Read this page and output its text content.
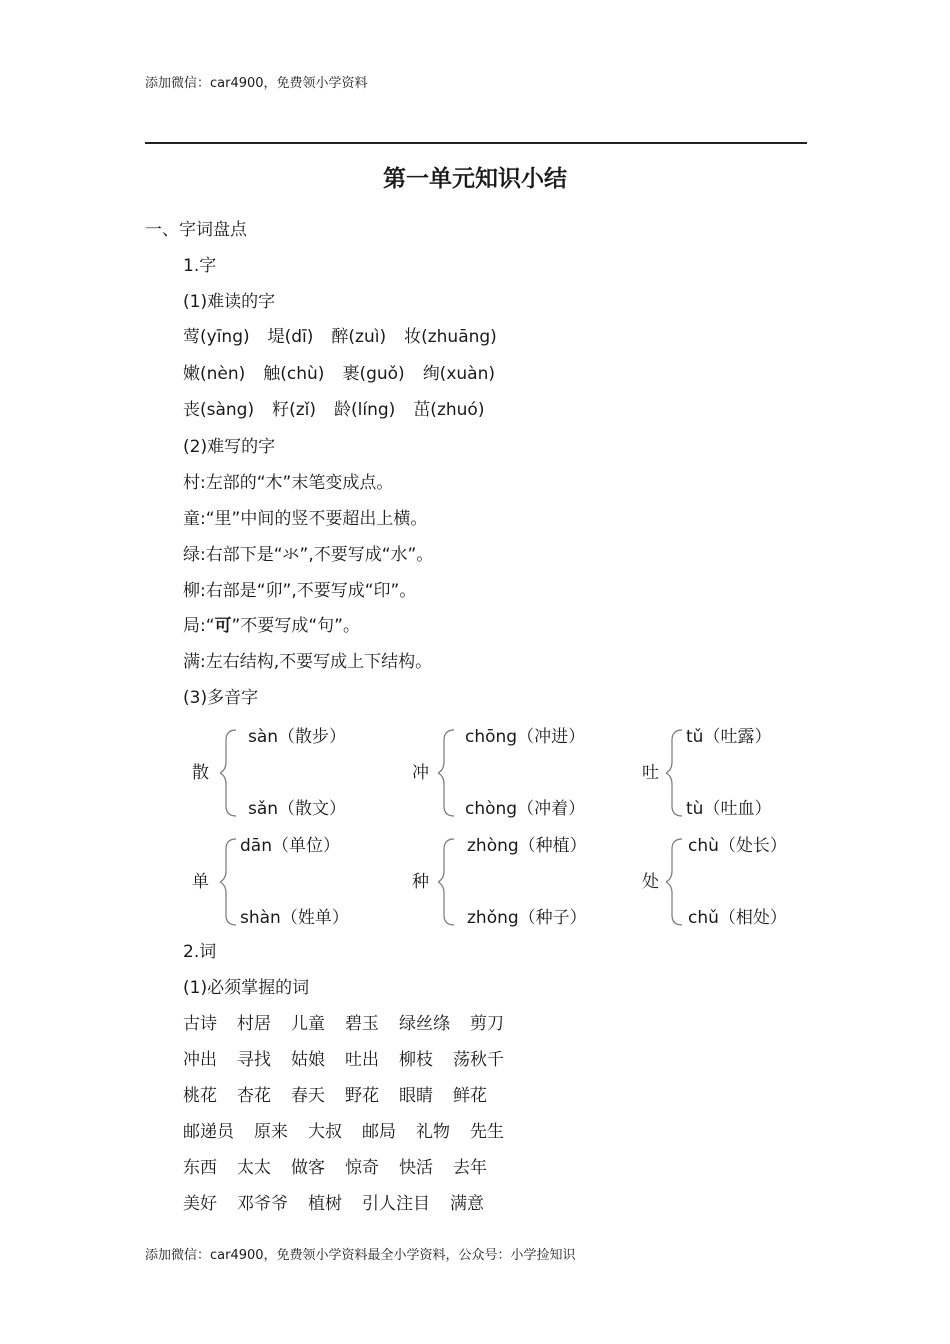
添加微信：car4900，免费领小学资料
第一单元知识小结
一、字词盘点
1.字
(1)难读的字
莺(yīng) 堤(dī) 醉(zuì) 妆(zhuāng)
嫩(nèn) 触(chù) 裹(guǒ) 绚(xuàn)
丧(sàng) 籽(zǐ) 龄(líng) 茁(zhuó)
(2)难写的字
村:左部的“木”末笔变成点。
童:“里”中间的竖不要超出上横。
绿:右部下是“氺”,不要写成“水”。
柳:右部是“卯”,不要写成“印”。
局:“可”不要写成“句”。
满:左右结构,不要写成上下结构。
(3)多音字
散
sàn（散步）
sǎn（散文）
冲
chōng（冲进）
chòng（冲着）
吐
tǔ（吐露）
tù（吐血）
单
dān（单位）
shàn（姓单）
种
zhòng（种植）
zhǒng（种子）
处
chù（处长）
chǔ（相处）
2.词
(1)必须掌握的词
古诗 村居 儿童 碧玉 绿丝绦 剪刀
冲出 寻找 姑娘 吐出 柳枝 荡秋千
桃花 杏花 春天 野花 眼睛 鲜花
邮递员 原来 大叔 邮局 礼物 先生
东西 太太 做客 惊奇 快活 去年
美好 邓爷爷 植树 引人注目 满意
添加微信：car4900，免费领小学资料最全小学资料，公众号：小学捡知识
